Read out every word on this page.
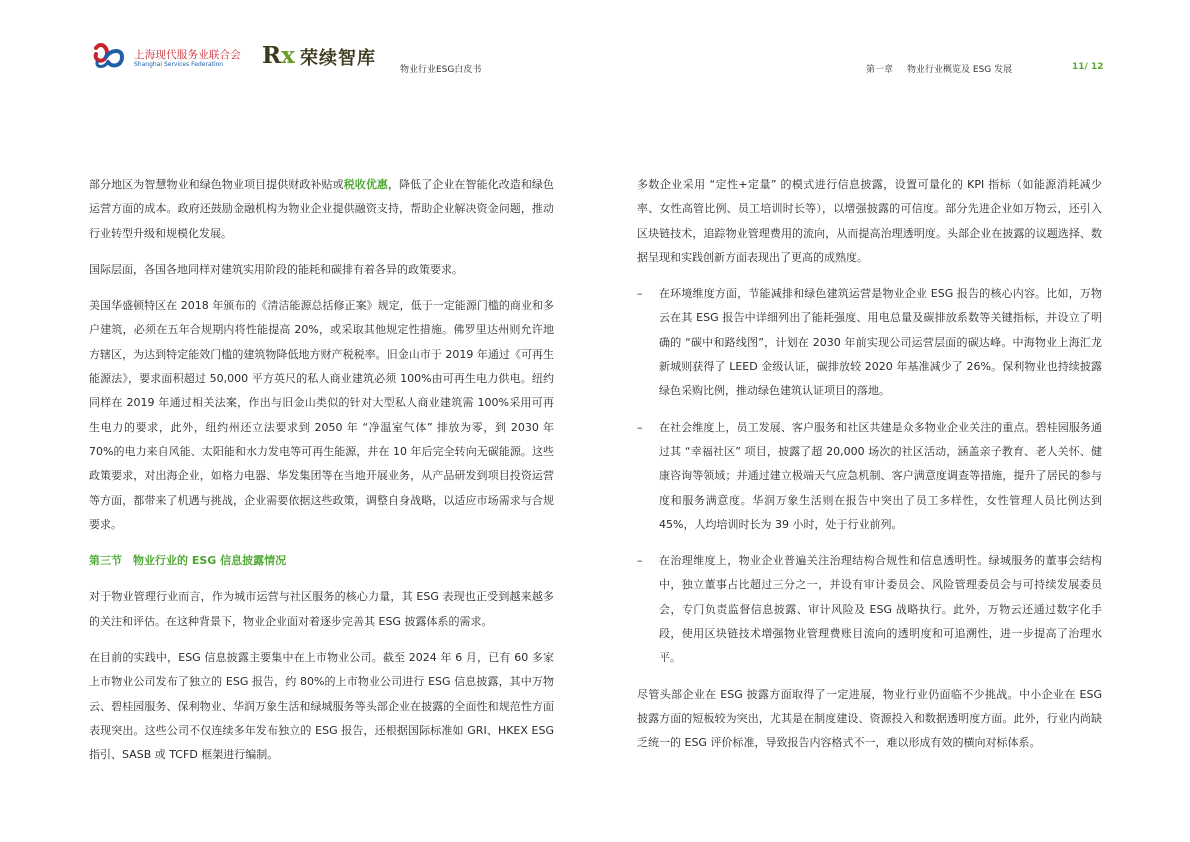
上海现代服务业联合会
Shanghai Services Federation Rx 荣续智库
物业行业ESG白皮书	第一章 物业行业概览及 ESG 发展	11/ 12

部分地区为智慧物业和绿色物业项目提供财政补贴或税收优惠，降低了企业在智能化改造和绿色运营方面的成本。政府还鼓励金融机构为物业企业提供融资支持，帮助企业解决资金问题，推动行业转型升级和规模化发展。

国际层面，各国各地同样对建筑实用阶段的能耗和碳排有着各异的政策要求。

美国华盛顿特区在 2018 年颁布的《清洁能源总括修正案》规定，低于一定能源门槛的商业和多户建筑，必须在五年合规期内将性能提高 20%，或采取其他规定性措施。佛罗里达州则允许地方辖区，为达到特定能效门槛的建筑物降低地方财产税税率。旧金山市于 2019 年通过《可再生能源法》，要求面积超过 50,000 平方英尺的私人商业建筑必须 100%由可再生电力供电。纽约同样在 2019 年通过相关法案，作出与旧金山类似的针对大型私人商业建筑需 100%采用可再生电力的要求，此外，纽约州还立法要求到 2050 年 “净温室气体” 排放为零，到 2030 年 70%的电力来自风能、太阳能和水力发电等可再生能源，并在 10 年后完全转向无碳能源。这些政策要求，对出海企业，如格力电器、华发集团等在当地开展业务，从产品研发到项目投资运营等方面，都带来了机遇与挑战，企业需要依据这些政策，调整自身战略，以适应市场需求与合规要求。

第三节　物业行业的 ESG 信息披露情况

对于物业管理行业而言，作为城市运营与社区服务的核心力量，其 ESG 表现也正受到越来越多的关注和评估。在这种背景下，物业企业面对着逐步完善其 ESG 披露体系的需求。

在目前的实践中，ESG 信息披露主要集中在上市物业公司。截至 2024 年 6 月，已有 60 多家上市物业公司发布了独立的 ESG 报告，约 80%的上市物业公司进行 ESG 信息披露，其中万物云、碧桂园服务、保利物业、华润万象生活和绿城服务等头部企业在披露的全面性和规范性方面表现突出。这些公司不仅连续多年发布独立的 ESG 报告，还根据国际标准如 GRI、HKEX ESG 指引、SASB 或 TCFD 框架进行编制。

多数企业采用 “定性+定量” 的模式进行信息披露，设置可量化的 KPI 指标（如能源消耗减少率、女性高管比例、员工培训时长等），以增强披露的可信度。部分先进企业如万物云，还引入区块链技术，追踪物业管理费用的流向，从而提高治理透明度。头部企业在披露的议题选择、数据呈现和实践创新方面表现出了更高的成熟度。

– 在环境维度方面，节能减排和绿色建筑运营是物业企业 ESG 报告的核心内容。比如，万物云在其 ESG 报告中详细列出了能耗强度、用电总量及碳排放系数等关键指标，并设立了明确的 “碳中和路线图”，计划在 2030 年前实现公司运营层面的碳达峰。中海物业上海汇龙新城则获得了 LEED 金级认证，碳排放较 2020 年基准减少了 26%。保利物业也持续披露绿色采购比例，推动绿色建筑认证项目的落地。
– 在社会维度上，员工发展、客户服务和社区共建是众多物业企业关注的重点。碧桂园服务通过其 “幸福社区” 项目，披露了超 20,000 场次的社区活动，涵盖亲子教育、老人关怀、健康咨询等领域；并通过建立极端天气应急机制、客户满意度调查等措施，提升了居民的参与度和服务满意度。华润万象生活则在报告中突出了员工多样性，女性管理人员比例达到 45%，人均培训时长为 39 小时，处于行业前列。
– 在治理维度上，物业企业普遍关注治理结构合规性和信息透明性。绿城服务的董事会结构中，独立董事占比超过三分之一，并设有审计委员会、风险管理委员会与可持续发展委员会，专门负责监督信息披露、审计风险及 ESG 战略执行。此外，万物云还通过数字化手段，使用区块链技术增强物业管理费账目流向的透明度和可追溯性，进一步提高了治理水平。

尽管头部企业在 ESG 披露方面取得了一定进展，物业行业仍面临不少挑战。中小企业在 ESG 披露方面的短板较为突出，尤其是在制度建设、资源投入和数据透明度方面。此外，行业内尚缺乏统一的 ESG 评价标准，导致报告内容格式不一，难以形成有效的横向对标体系。
